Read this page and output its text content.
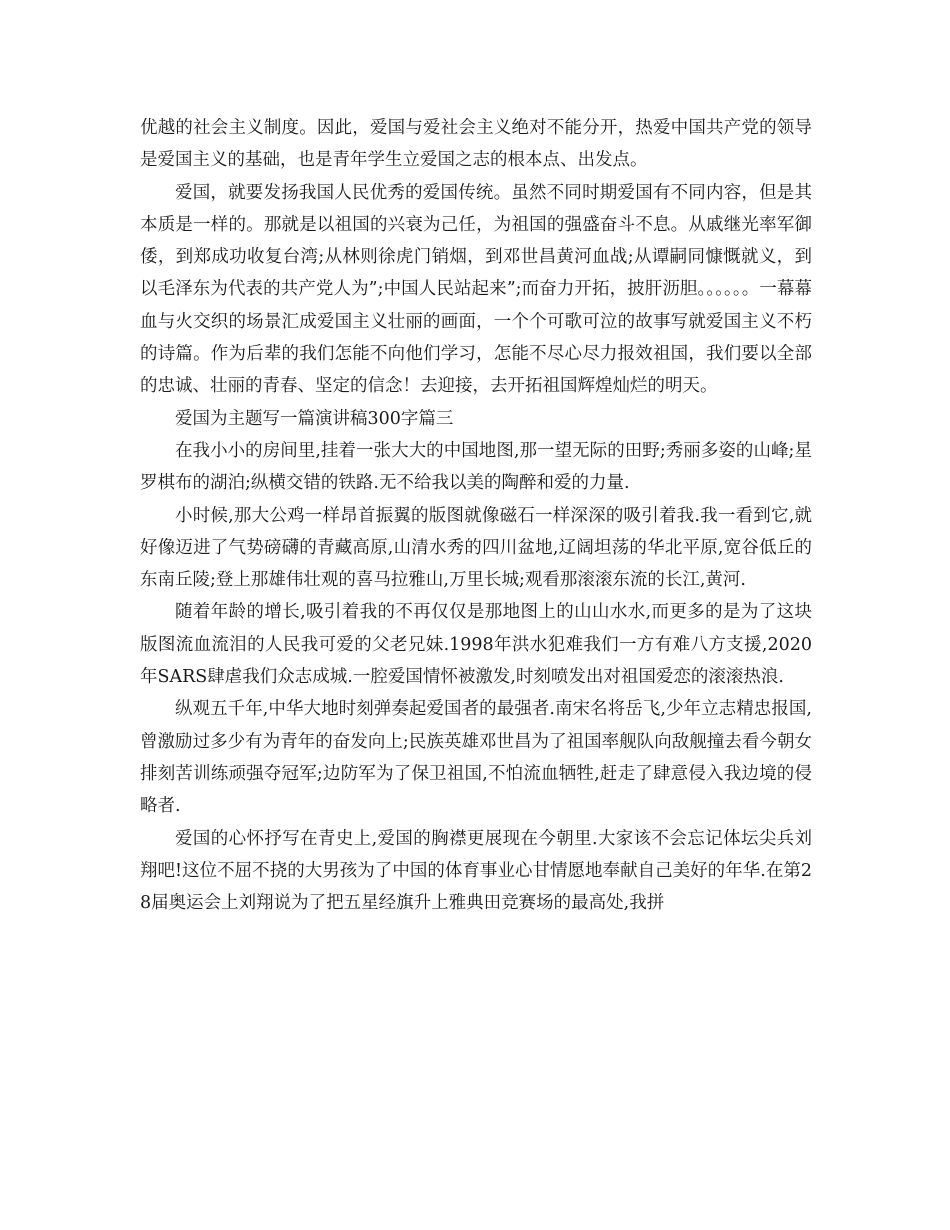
优越的社会主义制度。因此，爱国与爱社会主义绝对不能分开，热爱中国共产党的领导是爱国主义的基础，也是青年学生立爱国之志的根本点、出发点。

爱国，就要发扬我国人民优秀的爱国传统。虽然不同时期爱国有不同内容，但是其本质是一样的。那就是以祖国的兴衰为己任，为祖国的强盛奋斗不息。从戚继光率军御倭，到郑成功收复台湾;从林则徐虎门销烟，到邓世昌黄河血战;从谭嗣同慷慨就义，到以毛泽东为代表的共产党人为”;中国人民站起来”;而奋力开拓，披肝沥胆。。。。。。一幕幕血与火交织的场景汇成爱国主义壮丽的画面，一个个可歌可泣的故事写就爱国主义不朽的诗篇。作为后辈的我们怎能不向他们学习，怎能不尽心尽力报效祖国，我们要以全部的忠诚、壮丽的青春、坚定的信念！去迎接，去开拓祖国辉煌灿烂的明天。

爱国为主题写一篇演讲稿300字篇三

在我小小的房间里,挂着一张大大的中国地图,那一望无际的田野;秀丽多姿的山峰;星罗棋布的湖泊;纵横交错的铁路.无不给我以美的陶醉和爱的力量.

小时候,那大公鸡一样昂首振翼的版图就像磁石一样深深的吸引着我.我一看到它,就好像迈进了气势磅礴的青藏高原,山清水秀的四川盆地,辽阔坦荡的华北平原,宽谷低丘的东南丘陵;登上那雄伟壮观的喜马拉雅山,万里长城;观看那滚滚东流的长江,黄河.

随着年龄的增长,吸引着我的不再仅仅是那地图上的山山水水,而更多的是为了这块版图流血流泪的人民我可爱的父老兄妹.1998年洪水犯难我们一方有难八方支援,2020年SARS肆虐我们众志成城.一腔爱国情怀被激发,时刻喷发出对祖国爱恋的滚滚热浪.

纵观五千年,中华大地时刻弹奏起爱国者的最强者.南宋名将岳飞,少年立志精忠报国,曾激励过多少有为青年的奋发向上;民族英雄邓世昌为了祖国率舰队向敌舰撞去看今朝女排刻苦训练顽强夺冠军;边防军为了保卫祖国,不怕流血牺牲,赶走了肆意侵入我边境的侵略者.

爱国的心怀抒写在青史上,爱国的胸襟更展现在今朝里.大家该不会忘记体坛尖兵刘翔吧!这位不屈不挠的大男孩为了中国的体育事业心甘情愿地奉献自己美好的年华.在第28届奥运会上刘翔说为了把五星经旗升上雅典田竞赛场的最高处,我拼
